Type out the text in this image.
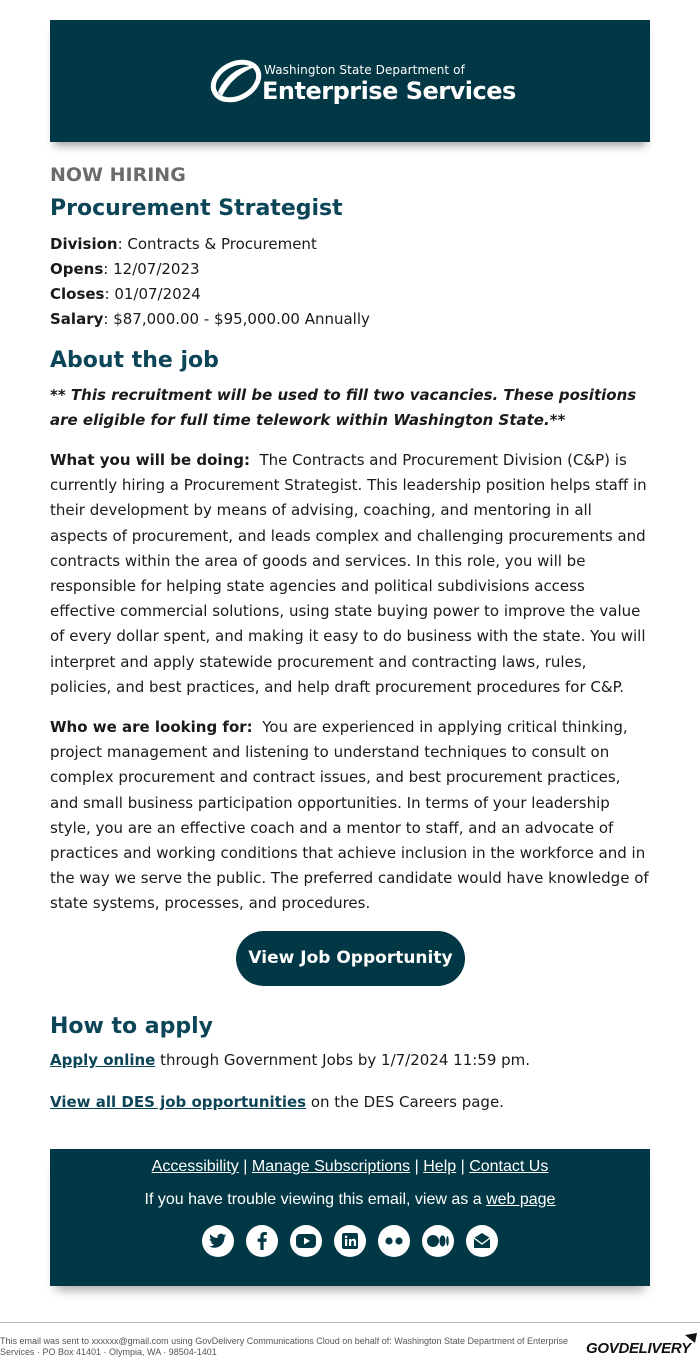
Washington State Department of
Enterprise Services
NOW HIRING
Procurement Strategist
Division: Contracts & Procurement
Opens: 12/07/2023
Closes: 01/07/2024
Salary: $87,000.00 - $95,000.00 Annually
About the job
** This recruitment will be used to fill two vacancies. These positions are eligible for full time telework within Washington State.**
What you will be doing: The Contracts and Procurement Division (C&P) is currently hiring a Procurement Strategist. This leadership position helps staff in their development by means of advising, coaching, and mentoring in all aspects of procurement, and leads complex and challenging procurements and contracts within the area of goods and services. In this role, you will be responsible for helping state agencies and political subdivisions access effective commercial solutions, using state buying power to improve the value of every dollar spent, and making it easy to do business with the state. You will interpret and apply statewide procurement and contracting laws, rules, policies, and best practices, and help draft procurement procedures for C&P.
Who we are looking for: You are experienced in applying critical thinking, project management and listening to understand techniques to consult on complex procurement and contract issues, and best procurement practices, and small business participation opportunities. In terms of your leadership style, you are an effective coach and a mentor to staff, and an advocate of practices and working conditions that achieve inclusion in the workforce and in the way we serve the public. The preferred candidate would have knowledge of state systems, processes, and procedures.
View Job Opportunity
How to apply
Apply online through Government Jobs by 1/7/2024 11:59 pm.
View all DES job opportunities on the DES Careers page.
Accessibility | Manage Subscriptions | Help | Contact Us
If you have trouble viewing this email, view as a web page
This email was sent to xxxxxx@gmail.com using GovDelivery Communications Cloud on behalf of: Washington State Department of Enterprise Services · PO Box 41401 · Olympia, WA · 98504-1401	GOVDELIVERY
